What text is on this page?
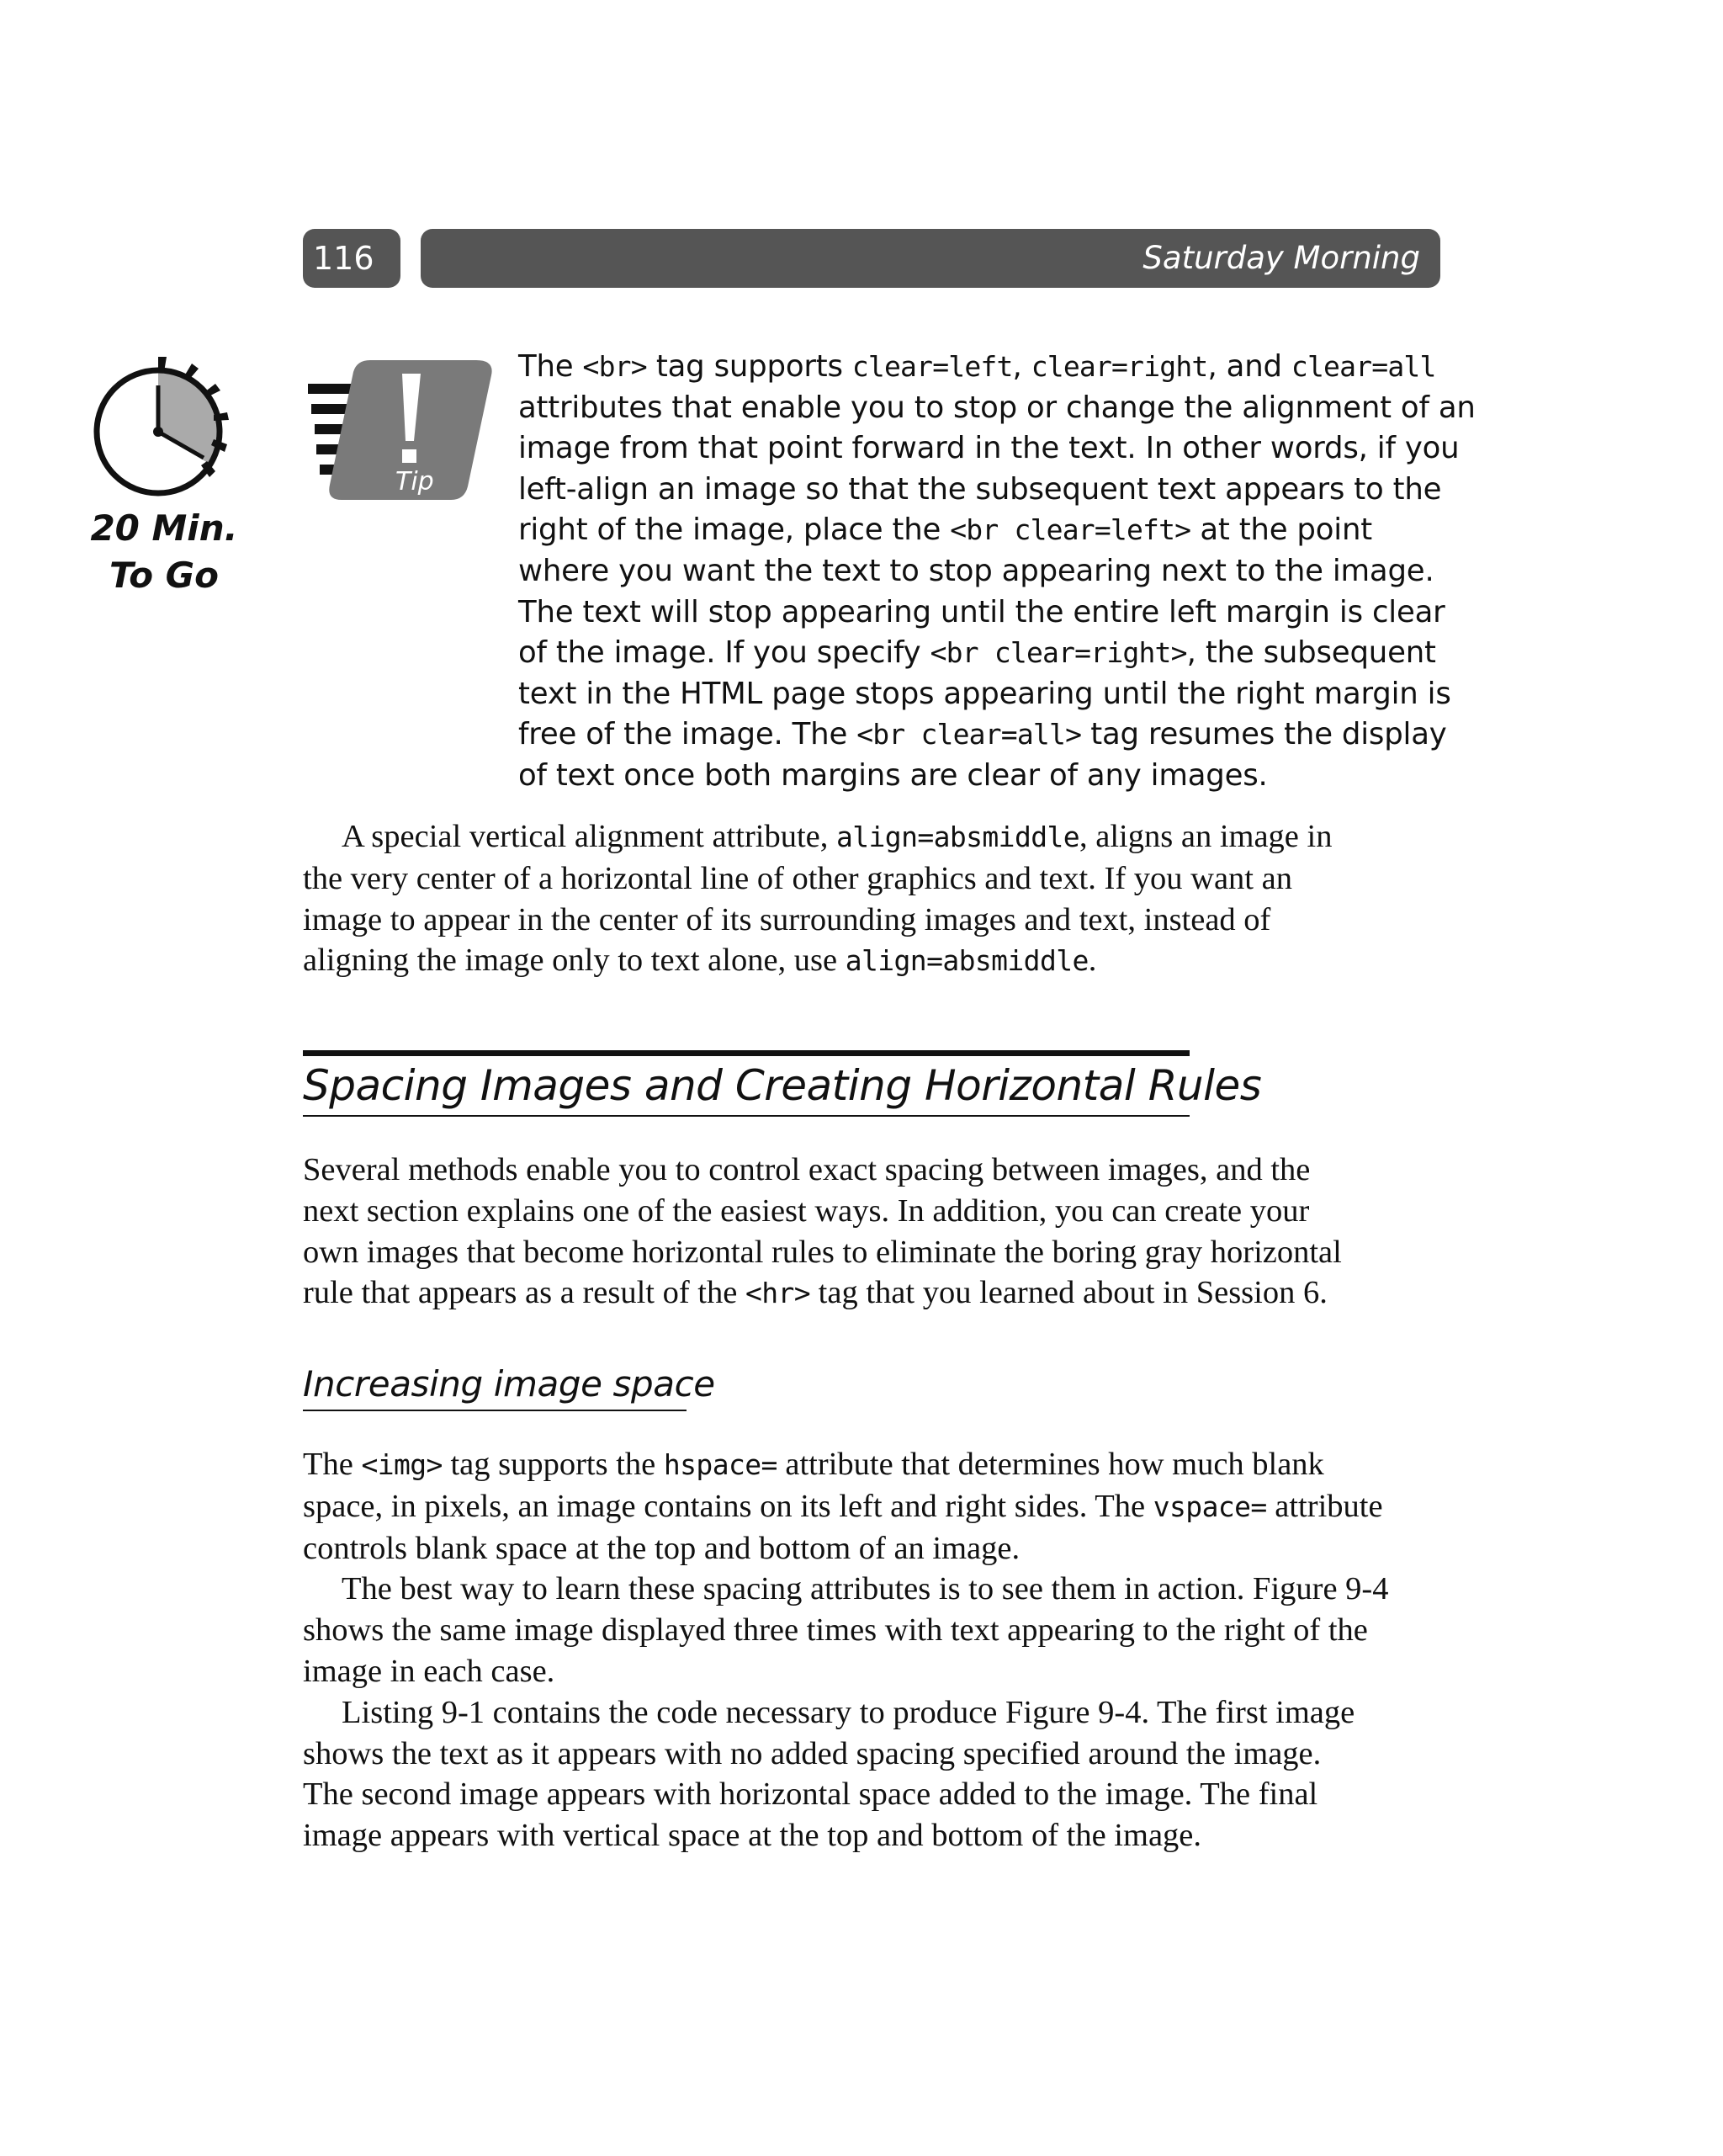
116	Saturday Morning
20 Min.
To Go
Tip
The <br> tag supports clear=left, clear=right, and clear=all
attributes that enable you to stop or change the alignment of an
image from that point forward in the text. In other words, if you
left-align an image so that the subsequent text appears to the
right of the image, place the <br clear=left> at the point
where you want the text to stop appearing next to the image.
The text will stop appearing until the entire left margin is clear
of the image. If you specify <br clear=right>, the subsequent
text in the HTML page stops appearing until the right margin is
free of the image. The <br clear=all> tag resumes the display
of text once both margins are clear of any images.
A special vertical alignment attribute, align=absmiddle, aligns an image in
the very center of a horizontal line of other graphics and text. If you want an
image to appear in the center of its surrounding images and text, instead of
aligning the image only to text alone, use align=absmiddle.
Spacing Images and Creating Horizontal Rules
Several methods enable you to control exact spacing between images, and the
next section explains one of the easiest ways. In addition, you can create your
own images that become horizontal rules to eliminate the boring gray horizontal
rule that appears as a result of the <hr> tag that you learned about in Session 6.
Increasing image space
The <img> tag supports the hspace= attribute that determines how much blank
space, in pixels, an image contains on its left and right sides. The vspace= attribute
controls blank space at the top and bottom of an image.
The best way to learn these spacing attributes is to see them in action. Figure 9-4
shows the same image displayed three times with text appearing to the right of the
image in each case.
Listing 9-1 contains the code necessary to produce Figure 9-4. The first image
shows the text as it appears with no added spacing specified around the image.
The second image appears with horizontal space added to the image. The final
image appears with vertical space at the top and bottom of the image.
